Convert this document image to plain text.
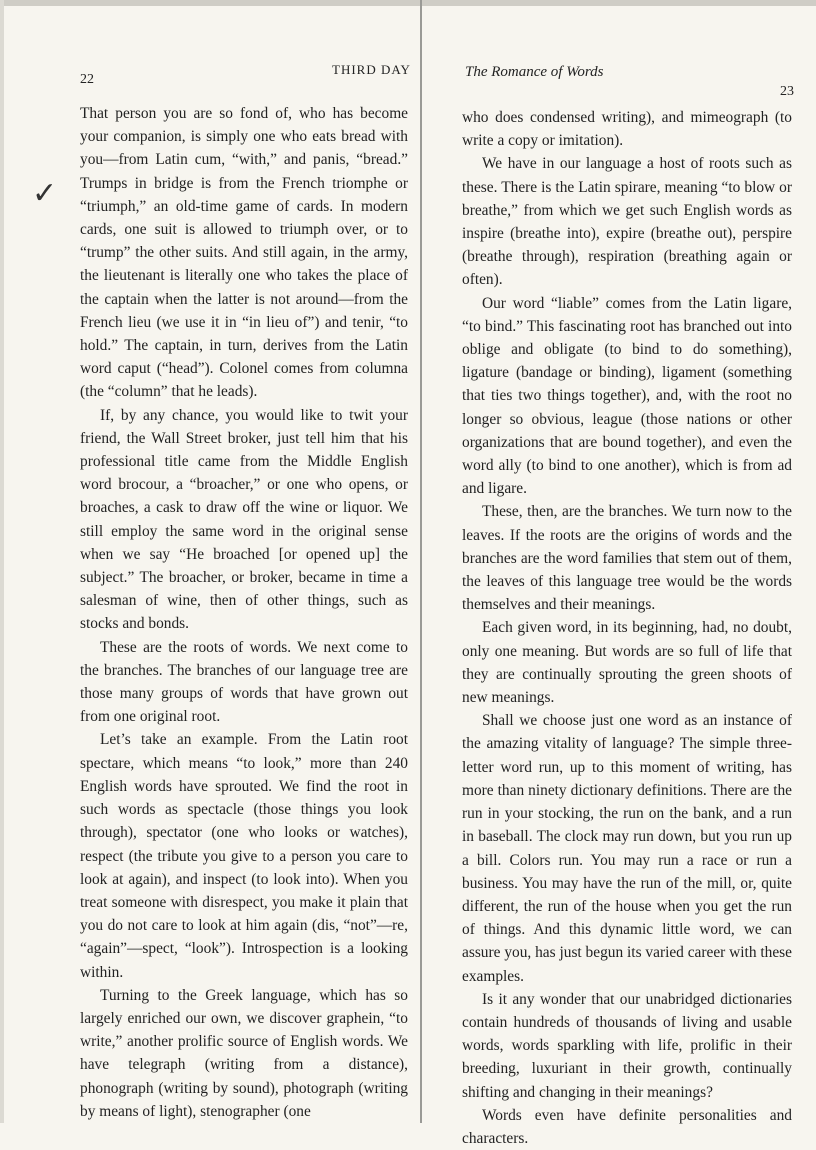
22
THIRD DAY
✓

That person you are so fond of, who has become your companion, is simply one who eats bread with you—from Latin cum, “with,” and panis, “bread.” Trumps in bridge is from the French triomphe or “triumph,” an old-time game of cards. In modern cards, one suit is allowed to triumph over, or to “trump” the other suits. And still again, in the army, the lieutenant is literally one who takes the place of the captain when the latter is not around—from the French lieu (we use it in “in lieu of”) and tenir, “to hold.” The captain, in turn, derives from the Latin word caput (“head”). Colonel comes from columna (the “column” that he leads).

If, by any chance, you would like to twit your friend, the Wall Street broker, just tell him that his professional title came from the Middle English word brocour, a “broacher,” or one who opens, or broaches, a cask to draw off the wine or liquor. We still employ the same word in the original sense when we say “He broached [or opened up] the subject.” The broacher, or broker, became in time a salesman of wine, then of other things, such as stocks and bonds.

These are the roots of words. We next come to the branches. The branches of our language tree are those many groups of words that have grown out from one original root.

Let’s take an example. From the Latin root spectare, which means “to look,” more than 240 English words have sprouted. We find the root in such words as spectacle (those things you look through), spectator (one who looks or watches), respect (the tribute you give to a person you care to look at again), and inspect (to look into). When you treat someone with disrespect, you make it plain that you do not care to look at him again (dis, “not”—re, “again”—spect, “look”). Introspection is a looking within.

Turning to the Greek language, which has so largely enriched our own, we discover graphein, “to write,” another prolific source of English words. We have telegraph (writing from a distance), phonograph (writing by sound), photograph (writing by means of light), stenographer (one

The Romance of Words
23

who does condensed writing), and mimeograph (to write a copy or imitation).

We have in our language a host of roots such as these. There is the Latin spirare, meaning “to blow or breathe,” from which we get such English words as inspire (breathe into), expire (breathe out), perspire (breathe through), respiration (breathing again or often).

Our word “liable” comes from the Latin ligare, “to bind.” This fascinating root has branched out into oblige and obligate (to bind to do something), ligature (bandage or binding), ligament (something that ties two things together), and, with the root no longer so obvious, league (those nations or other organizations that are bound together), and even the word ally (to bind to one another), which is from ad and ligare.

These, then, are the branches. We turn now to the leaves. If the roots are the origins of words and the branches are the word families that stem out of them, the leaves of this language tree would be the words themselves and their meanings.

Each given word, in its beginning, had, no doubt, only one meaning. But words are so full of life that they are continually sprouting the green shoots of new meanings.

Shall we choose just one word as an instance of the amazing vitality of language? The simple three-letter word run, up to this moment of writing, has more than ninety dictionary definitions. There are the run in your stocking, the run on the bank, and a run in baseball. The clock may run down, but you run up a bill. Colors run. You may run a race or run a business. You may have the run of the mill, or, quite different, the run of the house when you get the run of things. And this dynamic little word, we can assure you, has just begun its varied career with these examples.

Is it any wonder that our unabridged dictionaries contain hundreds of thousands of living and usable words, words sparkling with life, prolific in their breeding, luxuriant in their growth, continually shifting and changing in their meanings?

Words even have definite personalities and characters.
